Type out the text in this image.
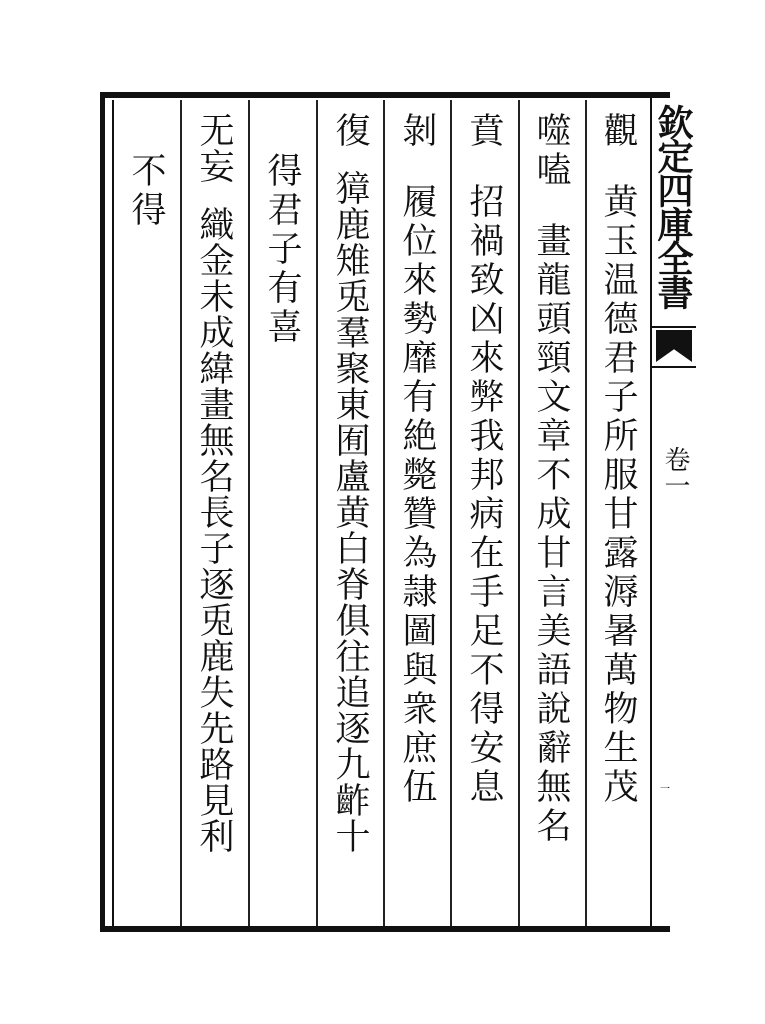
欽定四庫全書
卷一
一
觀黄玉温德君子所服甘露溽暑萬物生茂
噬嗑畫龍頭頸文章不成甘言美語說辭無名
賁招禍致凶來弊我邦病在手足不得安息
剝履位來勢靡有絶斃贊為隷圖與衆庶伍
復獐鹿雉兎羣聚東囿盧黄白脊俱往追逐九齚十
得君子有喜
无妄織金未成緯畫無名長子逐兎鹿失先路見利
不得
